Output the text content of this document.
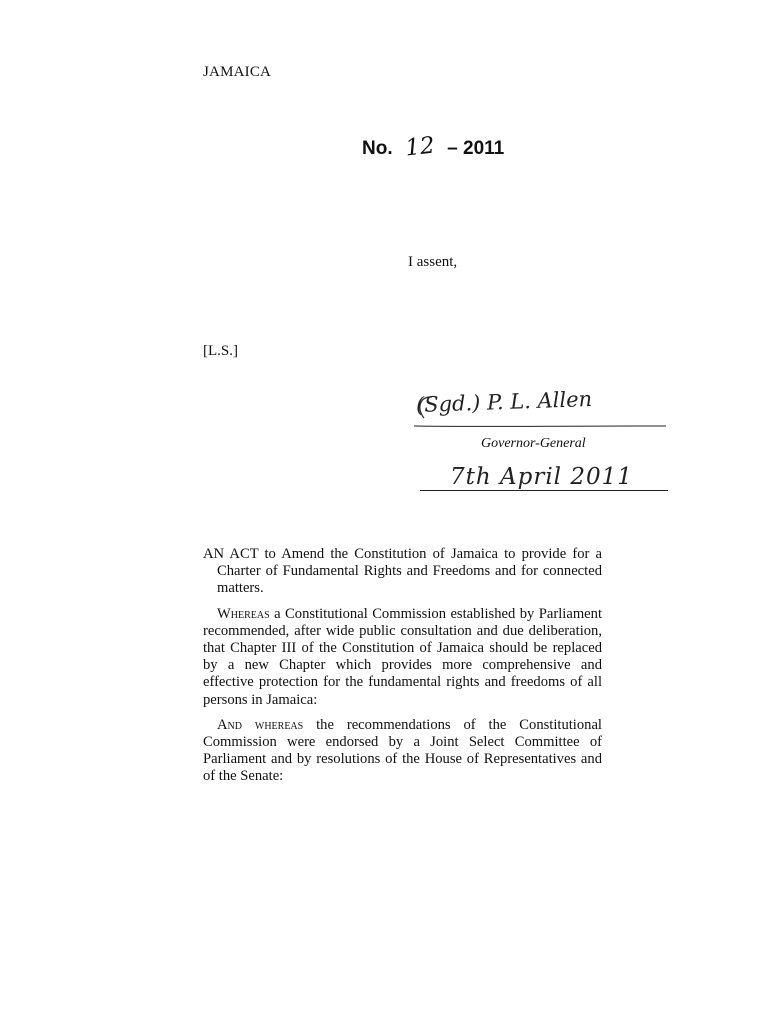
JAMAICA
No. 12 – 2011
I assent,
[L.S.]
(Sgd.) P. L. Allen
Governor-General
7th April 2011

AN ACT to Amend the Constitution of Jamaica to provide for a Charter of Fundamental Rights and Freedoms and for connected matters.

Whereas a Constitutional Commission established by Parliament recommended, after wide public consultation and due deliberation, that Chapter III of the Constitution of Jamaica should be replaced by a new Chapter which provides more comprehensive and effective protection for the fundamental rights and freedoms of all persons in Jamaica:

And whereas the recommendations of the Constitutional Commission were endorsed by a Joint Select Committee of Parliament and by resolutions of the House of Representatives and of the Senate:
